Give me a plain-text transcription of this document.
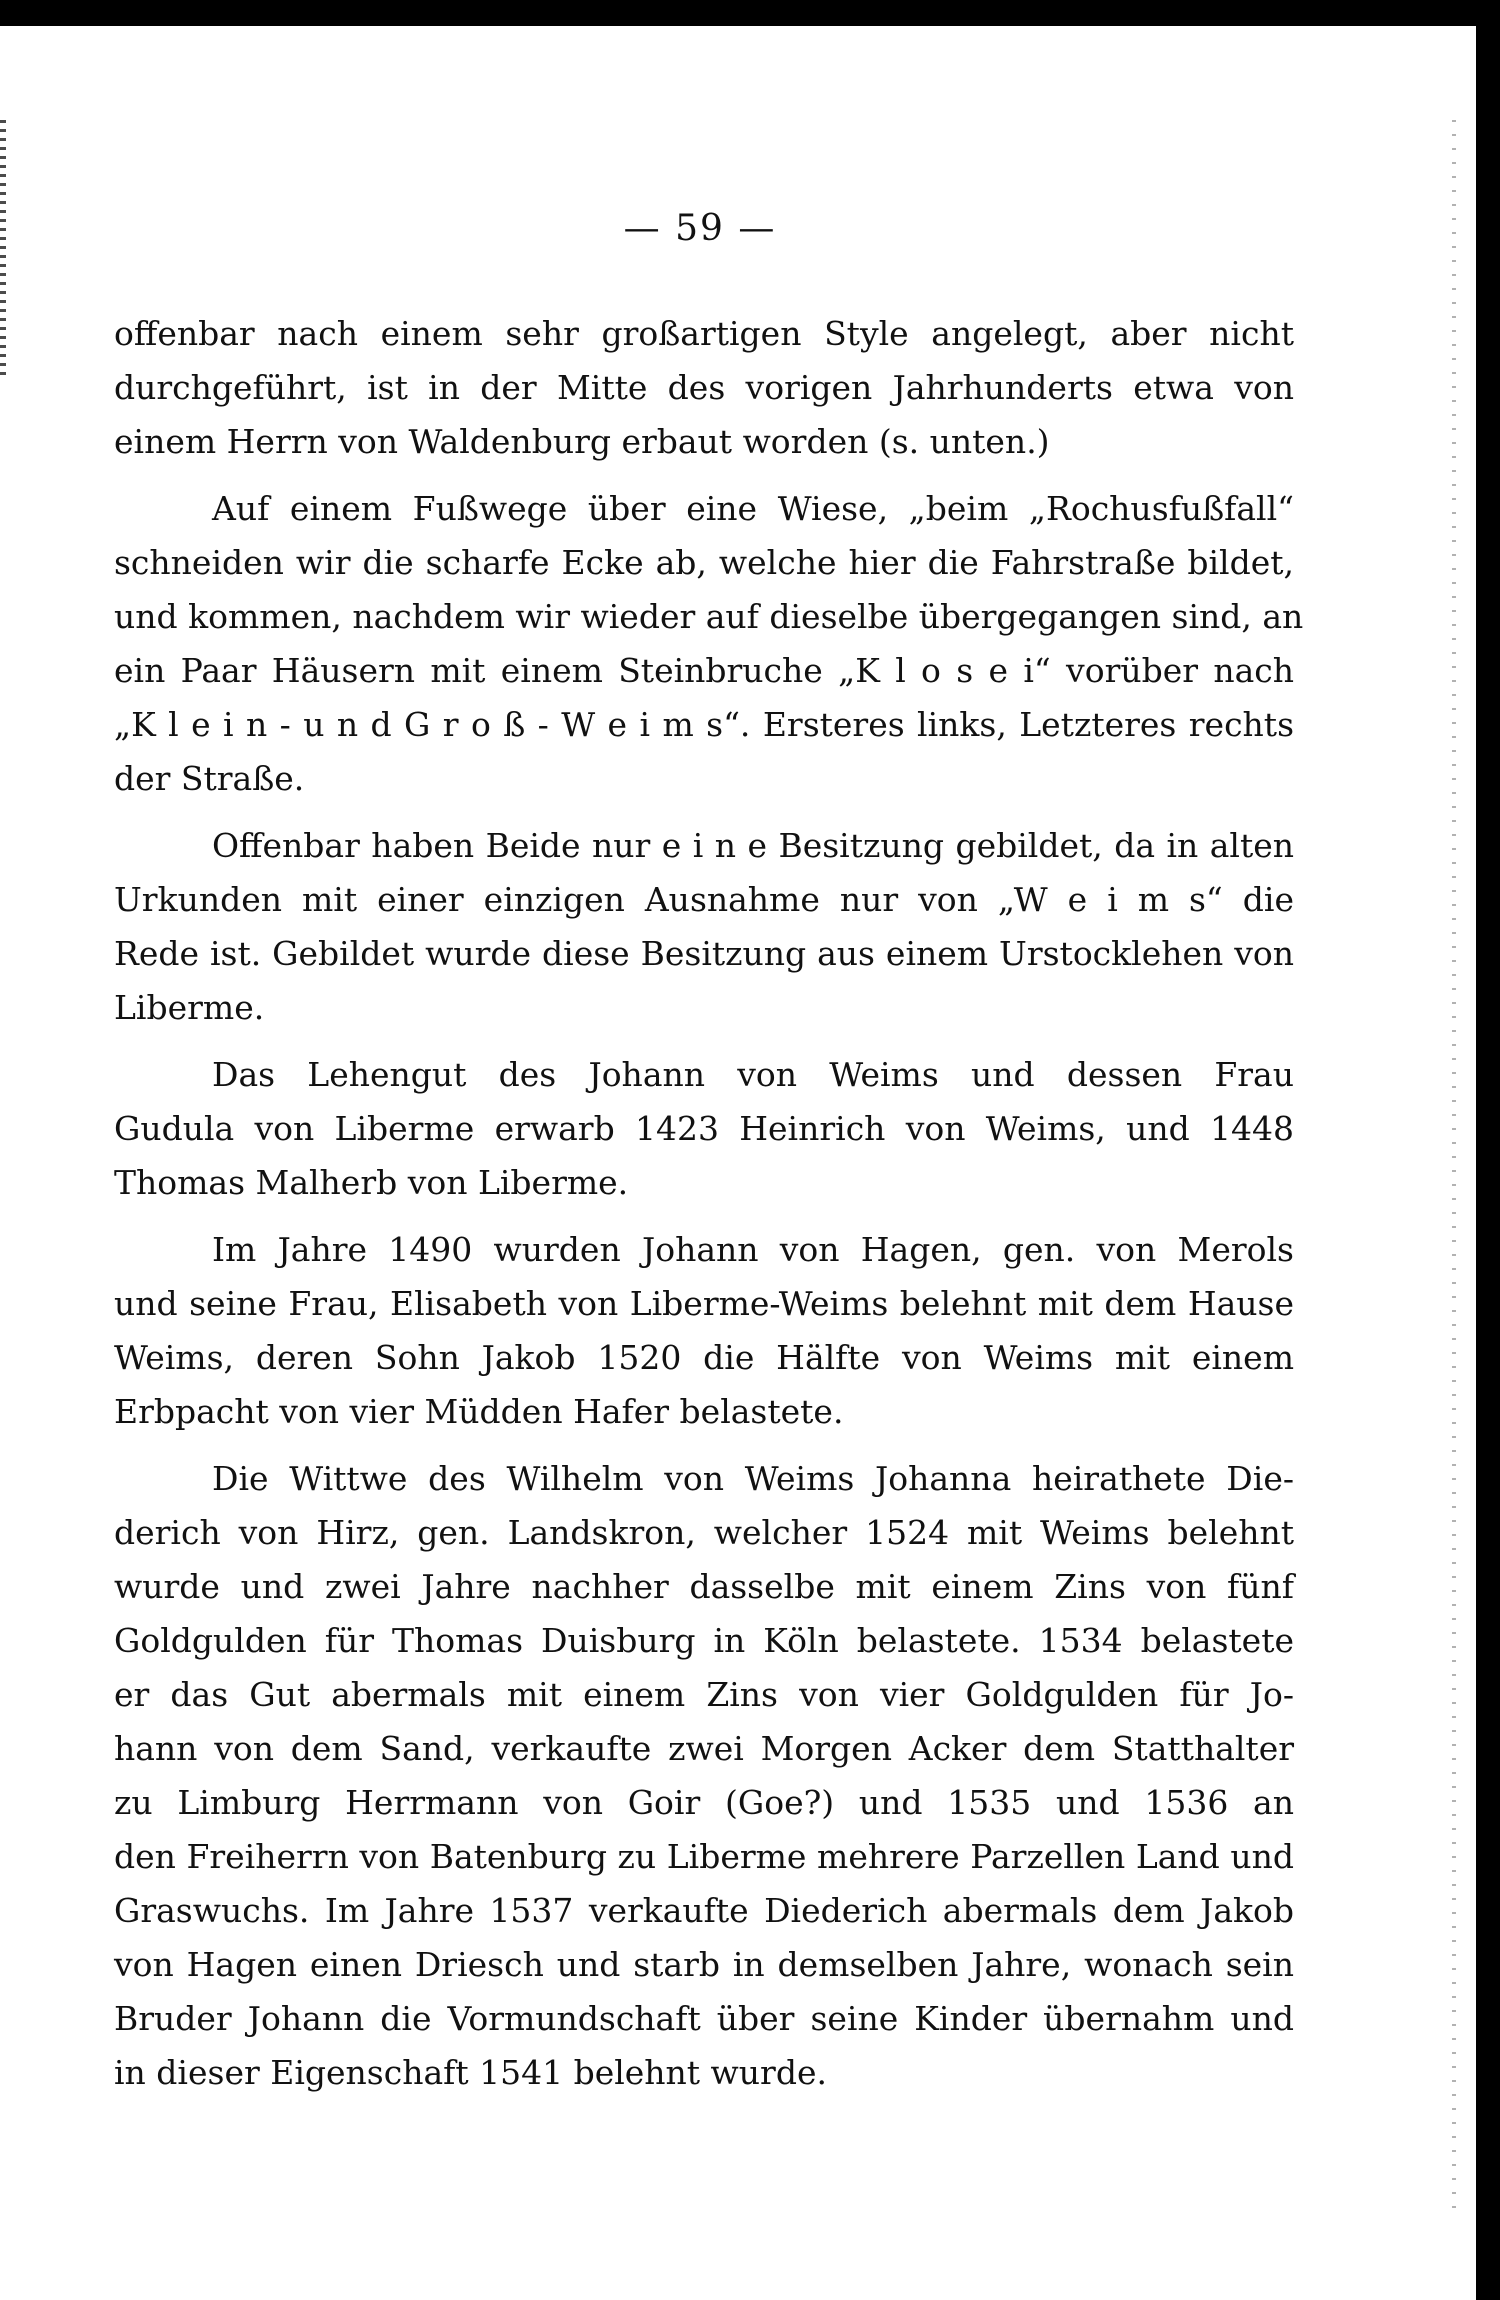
— 59 —
offenbar nach einem sehr großartigen Style angelegt, aber nicht
durchgeführt, ist in der Mitte des vorigen Jahrhunderts etwa von
einem Herrn von Waldenburg erbaut worden (s. unten.)
Auf einem Fußwege über eine Wiese, „beim „Rochusfußfall“
schneiden wir die scharfe Ecke ab, welche hier die Fahrstraße bildet,
und kommen, nachdem wir wieder auf dieselbe übergegangen sind, an
ein Paar Häusern mit einem Steinbruche „K l o s e i“ vorüber nach
„K l e i n - u n d G r o ß - W e i m s“. Ersteres links, Letzteres rechts
der Straße.
Offenbar haben Beide nur e i n e Besitzung gebildet, da in alten
Urkunden mit einer einzigen Ausnahme nur von „W e i m s“ die
Rede ist. Gebildet wurde diese Besitzung aus einem Urstocklehen von
Liberme.
Das Lehengut des Johann von Weims und dessen Frau
Gudula von Liberme erwarb 1423 Heinrich von Weims, und 1448
Thomas Malherb von Liberme.
Im Jahre 1490 wurden Johann von Hagen, gen. von Merols
und seine Frau, Elisabeth von Liberme-Weims belehnt mit dem Hause
Weims, deren Sohn Jakob 1520 die Hälfte von Weims mit einem
Erbpacht von vier Müdden Hafer belastete.
Die Wittwe des Wilhelm von Weims Johanna heirathete Die-
derich von Hirz, gen. Landskron, welcher 1524 mit Weims belehnt
wurde und zwei Jahre nachher dasselbe mit einem Zins von fünf
Goldgulden für Thomas Duisburg in Köln belastete. 1534 belastete
er das Gut abermals mit einem Zins von vier Goldgulden für Jo-
hann von dem Sand, verkaufte zwei Morgen Acker dem Statthalter
zu Limburg Herrmann von Goir (Goe?) und 1535 und 1536 an
den Freiherrn von Batenburg zu Liberme mehrere Parzellen Land und
Graswuchs. Im Jahre 1537 verkaufte Diederich abermals dem Jakob
von Hagen einen Driesch und starb in demselben Jahre, wonach sein
Bruder Johann die Vormundschaft über seine Kinder übernahm und
in dieser Eigenschaft 1541 belehnt wurde.
